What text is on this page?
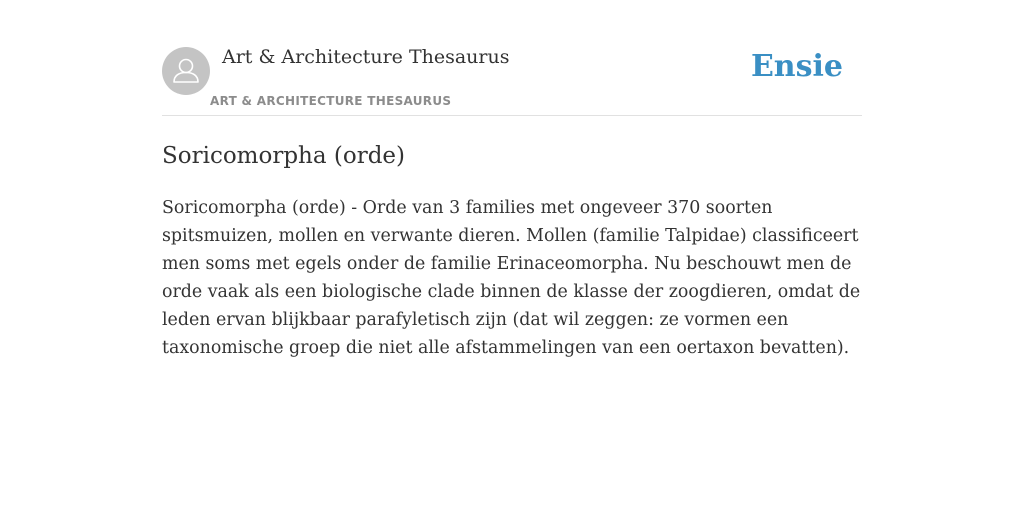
Art & Architecture Thesaurus
ART & ARCHITECTURE THESAURUS
Ensie
Soricomorpha (orde)

Soricomorpha (orde) - Orde van 3 families met ongeveer 370 soorten spitsmuizen, mollen en verwante dieren. Mollen (familie Talpidae) classificeert men soms met egels onder de familie Erinaceomorpha. Nu beschouwt men de orde vaak als een biologische clade binnen de klasse der zoogdieren, omdat de leden ervan blijkbaar parafyletisch zijn (dat wil zeggen: ze vormen een taxonomische groep die niet alle afstammelingen van een oertaxon bevatten).
